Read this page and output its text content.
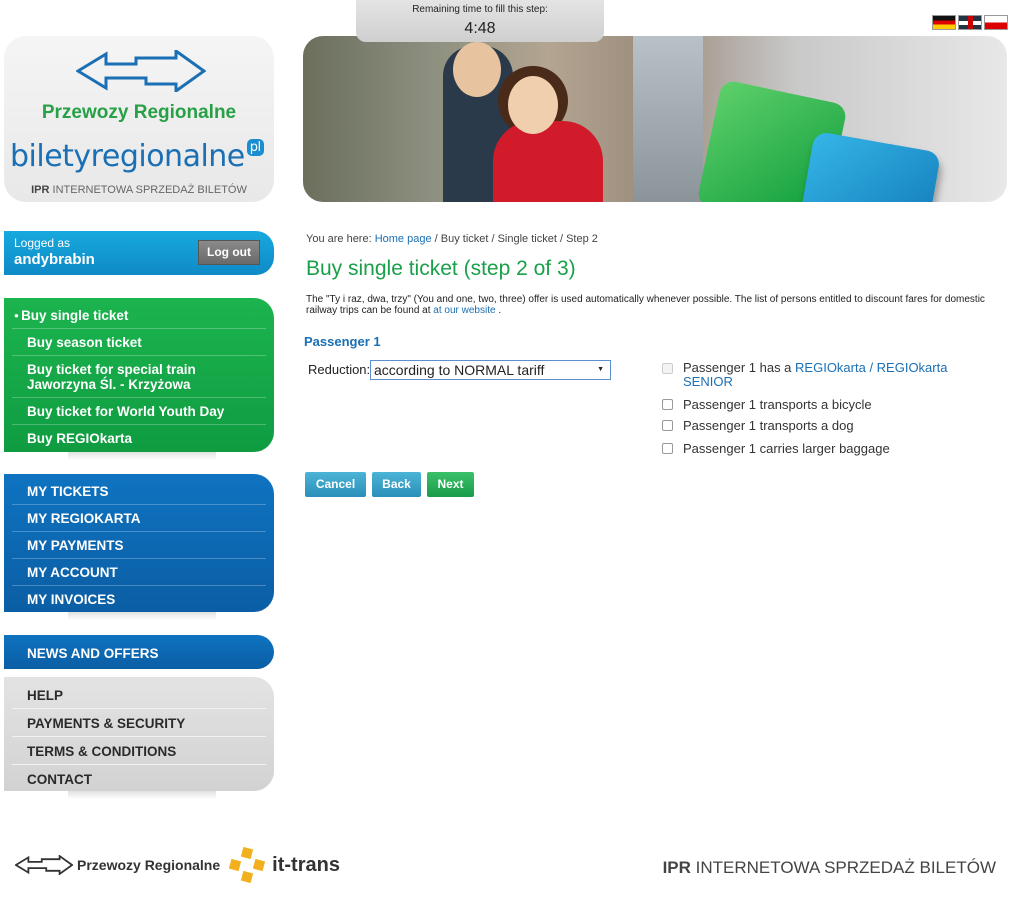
Remaining time to fill this step:
4:48
Przewozy Regionalne
biletyregionalne pl
IPR INTERNETOWA SPRZEDAŻ BILETÓW
Logged as
andybrabin	Log out
● Buy single ticket
Buy season ticket
Buy ticket for special train Jaworzyna Śl. - Krzyżowa
Buy ticket for World Youth Day
Buy REGIOkarta
MY TICKETS
MY REGIOKARTA
MY PAYMENTS
MY ACCOUNT
MY INVOICES
NEWS AND OFFERS
HELP
PAYMENTS & SECURITY
TERMS & CONDITIONS
CONTACT
You are here: Home page / Buy ticket / Single ticket / Step 2
Buy single ticket (step 2 of 3)
The "Ty i raz, dwa, trzy" (You and one, two, three) offer is used automatically whenever possible. The list of persons entitled to discount fares for domestic railway trips can be found at at our website .
Passenger 1
Reduction: according to NORMAL tariff	▼	Passenger 1 has a REGIOkarta / REGIOkarta SENIOR
Passenger 1 transports a bicycle
Passenger 1 transports a dog
Passenger 1 carries larger baggage
Cancel	Back	Next
Przewozy Regionalne	it-trans	IPR INTERNETOWA SPRZEDAŻ BILETÓW
